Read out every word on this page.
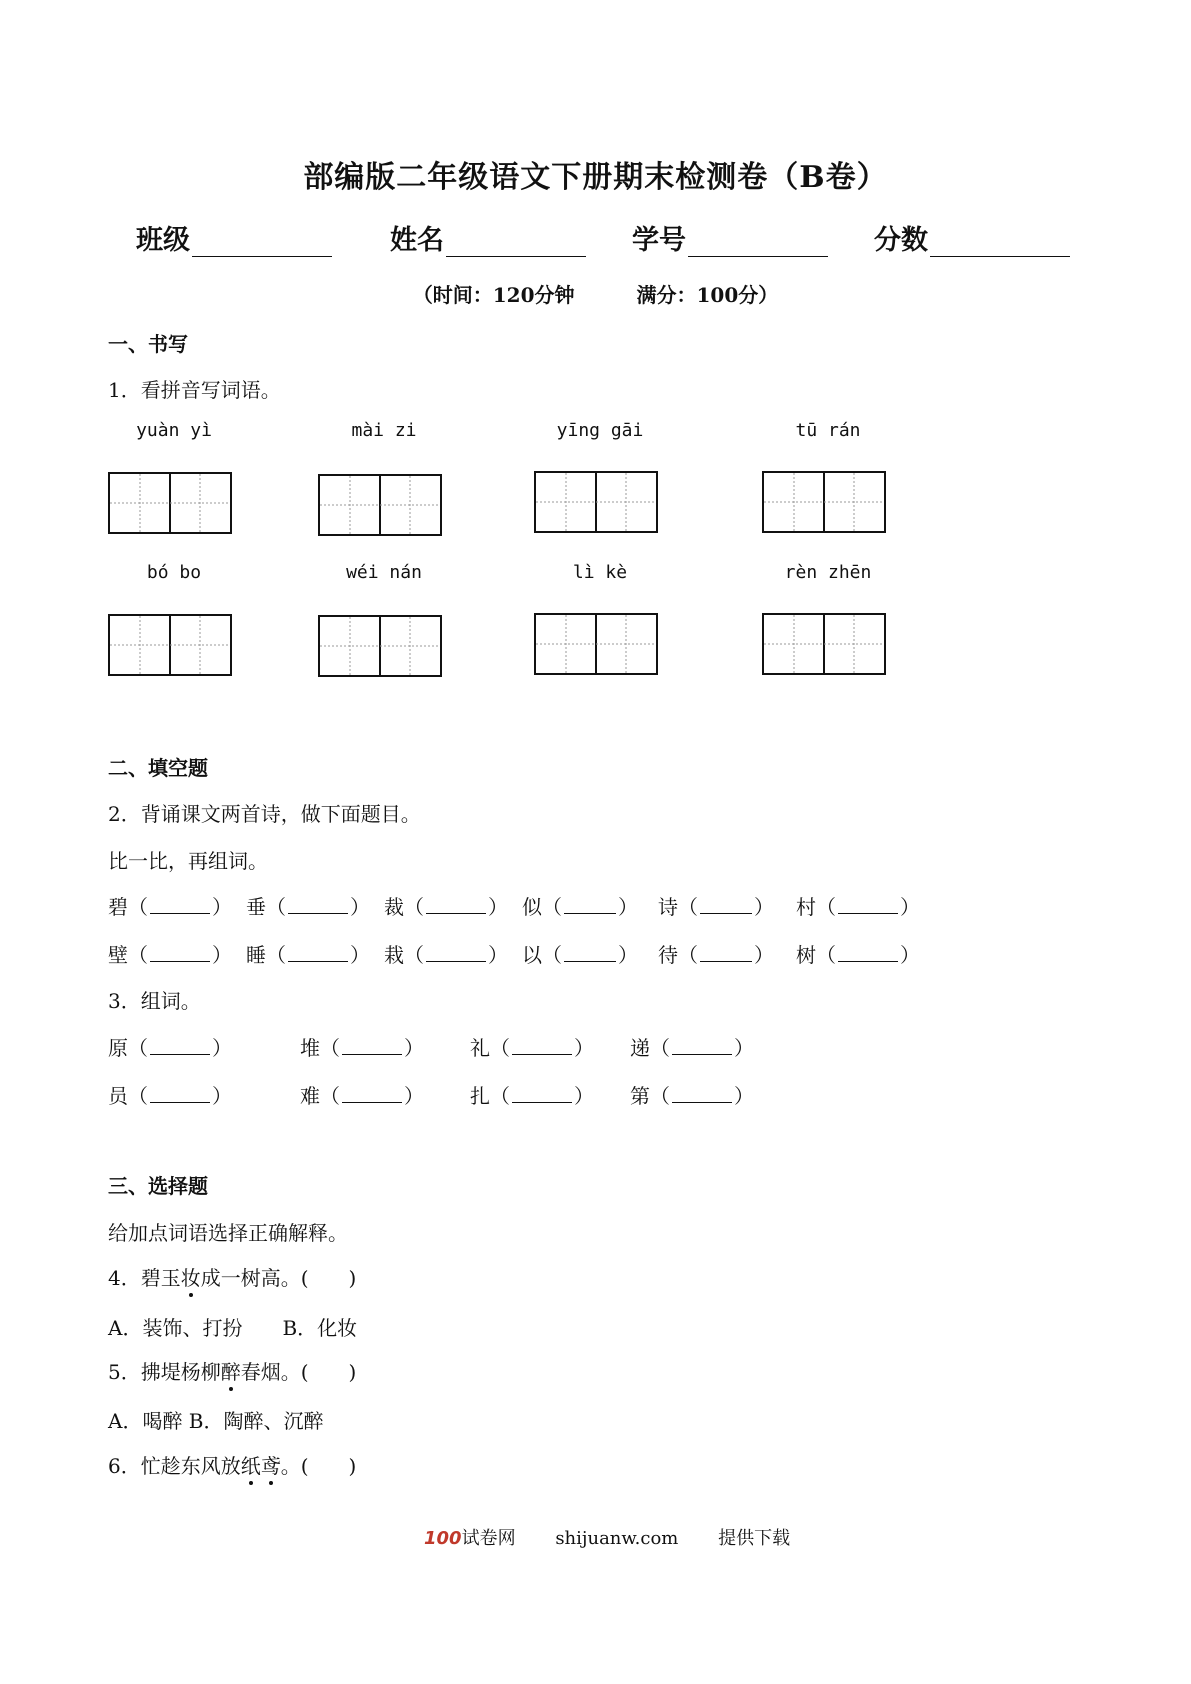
部编版二年级语文下册期末检测卷（B卷）
班级	姓名	学号	分数
（时间：120分钟	满分：100分）
一、书写
1．看拼音写词语。
yuàn yì	mài zi	yīng gāi	tū rán
bó bo	wéi nán	lì kè	rèn zhēn
二、填空题
2．背诵课文两首诗，做下面题目。
比一比，再组词。
碧（	） 垂（	） 裁（	） 似（	） 诗（	） 村（	）
壁（	） 睡（	） 栽（	） 以（	） 待（	） 树（	）
3．组词。
原（	）	堆（	） 礼（	） 递（	）
员（	）	难（	） 扎（	） 第（	）
三、选择题
给加点词语选择正确解释。
4．碧玉妆成一树高。(　　)
A．装饰、打扮　　B．化妆
5．拂堤杨柳醉春烟。(　　)
A．喝醉 B．陶醉、沉醉
6．忙趁东风放纸鸢。(　　)
100试卷网 shijuanw.com 提供下载
